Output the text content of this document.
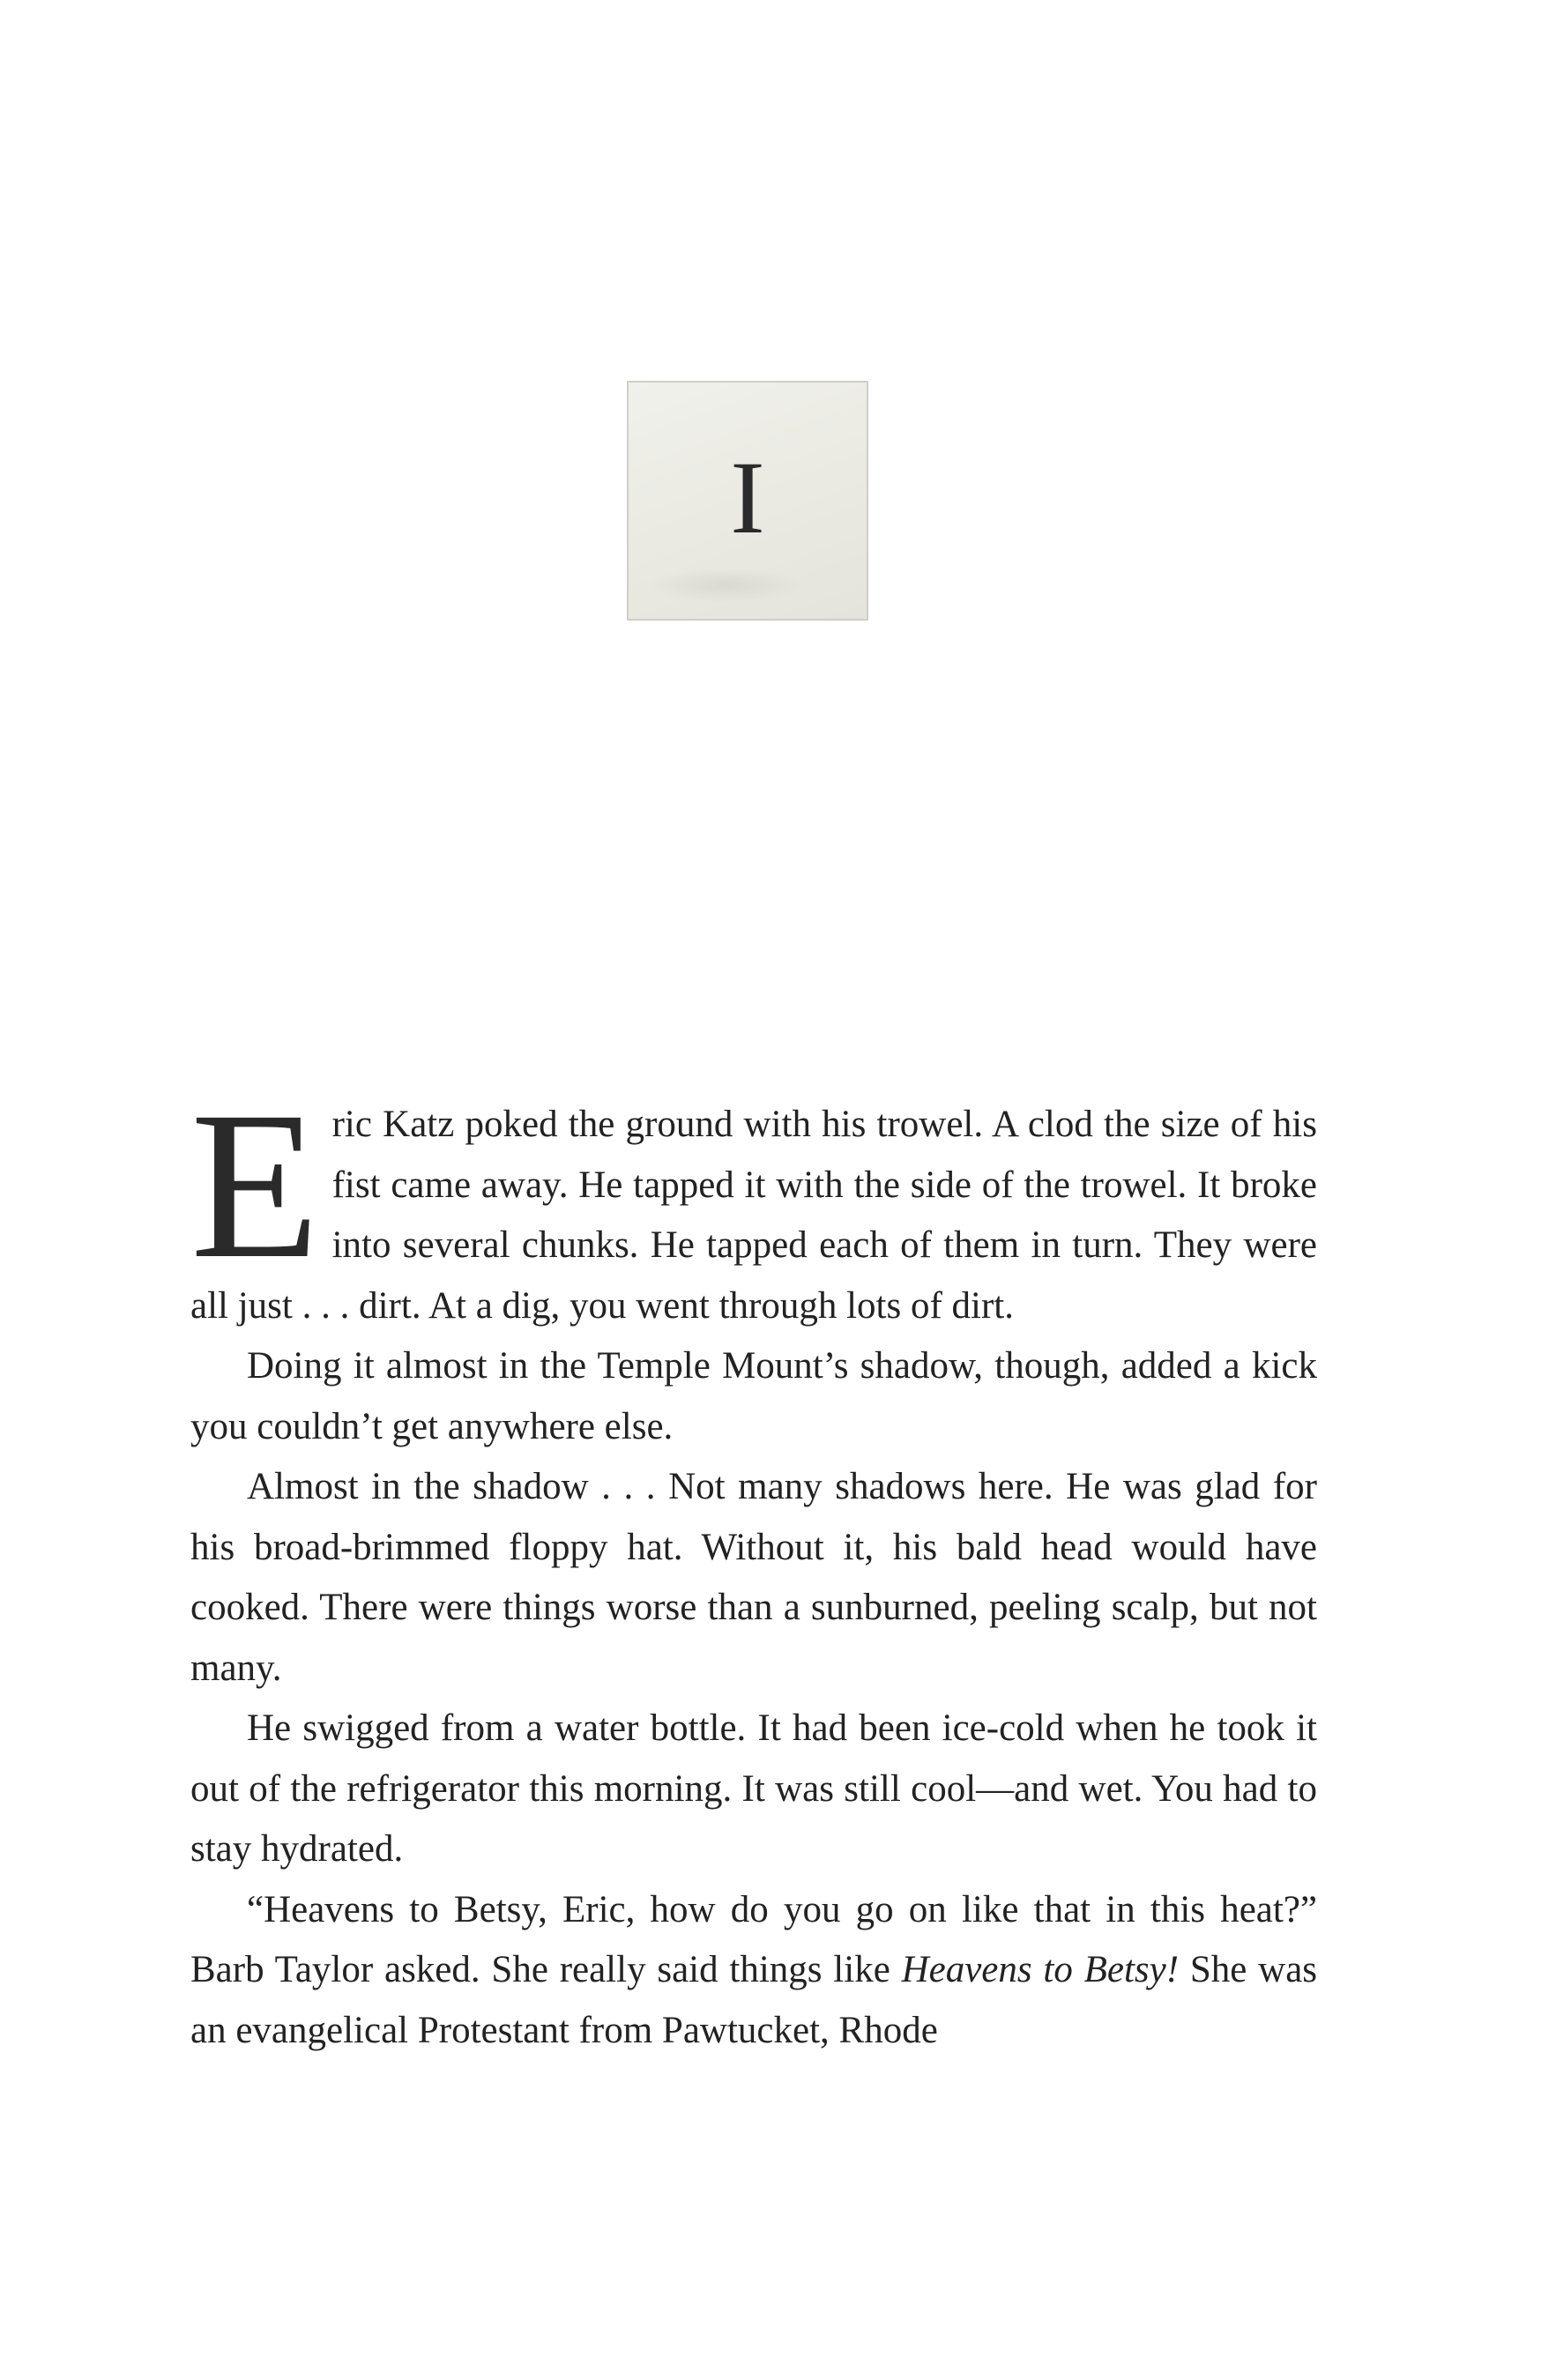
I

Eric Katz poked the ground with his trowel. A clod the size of his fist came away. He tapped it with the side of the trowel. It broke into several chunks. He tapped each of them in turn. They were all just . . . dirt. At a dig, you went through lots of dirt.

Doing it almost in the Temple Mount’s shadow, though, added a kick you couldn’t get anywhere else.

Almost in the shadow . . . Not many shadows here. He was glad for his broad-brimmed floppy hat. Without it, his bald head would have cooked. There were things worse than a sunburned, peeling scalp, but not many.

He swigged from a water bottle. It had been ice-cold when he took it out of the refrigerator this morning. It was still cool—and wet. You had to stay hydrated.

“Heavens to Betsy, Eric, how do you go on like that in this heat?” Barb Taylor asked. She really said things like Heavens to Betsy! She was an evangelical Protestant from Pawtucket, Rhode
